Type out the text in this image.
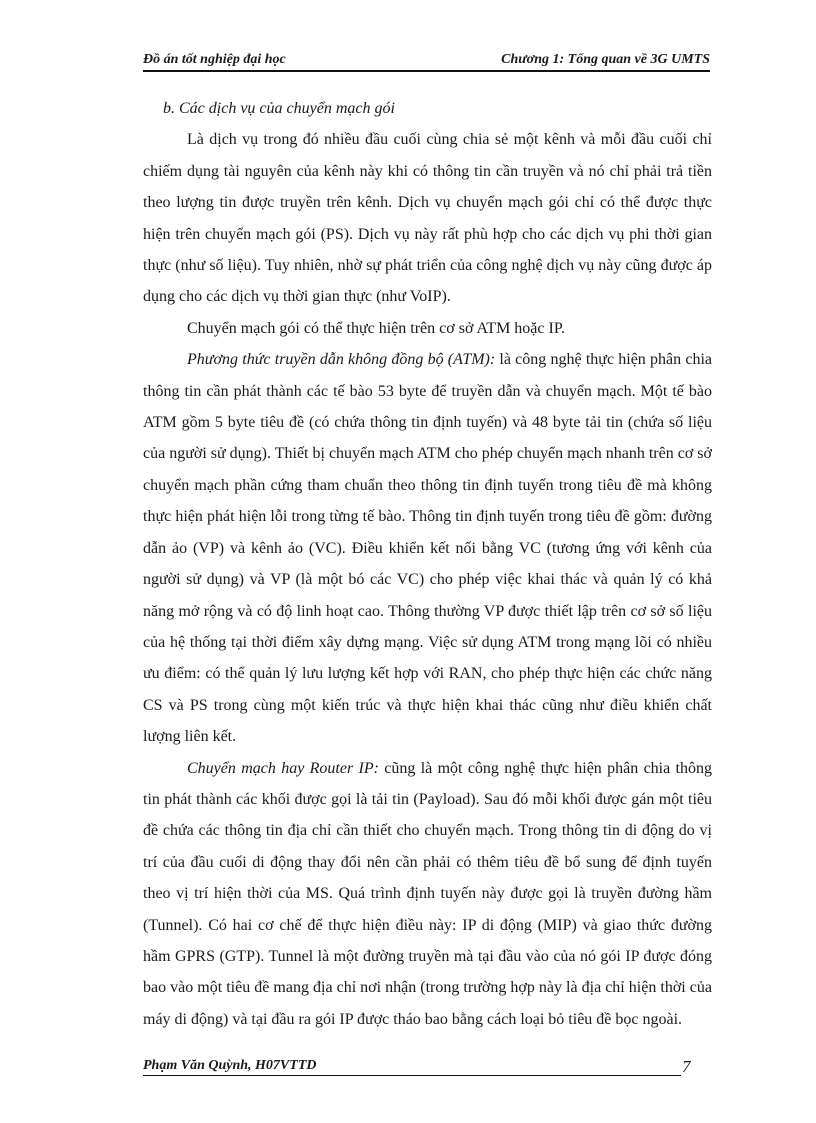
Đồ án tốt nghiệp đại học	Chương 1: Tổng quan về 3G UMTS

b. Các dịch vụ của chuyển mạch gói

Là dịch vụ trong đó nhiều đầu cuối cùng chia sẻ một kênh và mỗi đầu cuối chỉ chiếm dụng tài nguyên của kênh này khi có thông tin cần truyền và nó chỉ phải trả tiền theo lượng tin được truyền trên kênh. Dịch vụ chuyển mạch gói chỉ có thể được thực hiện trên chuyển mạch gói (PS). Dịch vụ này rất phù hợp cho các dịch vụ phi thời gian thực (như số liệu). Tuy nhiên, nhờ sự phát triển của công nghệ dịch vụ này cũng được áp dụng cho các dịch vụ thời gian thực (như VoIP).

Chuyển mạch gói có thể thực hiện trên cơ sở ATM hoặc IP.

Phương thức truyền dẫn không đồng bộ (ATM): là công nghệ thực hiện phân chia thông tin cần phát thành các tế bào 53 byte để truyền dẫn và chuyển mạch. Một tế bào ATM gồm 5 byte tiêu đề (có chứa thông tin định tuyến) và 48 byte tải tin (chứa số liệu của người sử dụng). Thiết bị chuyển mạch ATM cho phép chuyển mạch nhanh trên cơ sở chuyển mạch phần cứng tham chuẩn theo thông tin định tuyến trong tiêu đề mà không thực hiện phát hiện lỗi trong từng tế bào. Thông tin định tuyến trong tiêu đề gồm: đường dẫn ảo (VP) và kênh ảo (VC). Điều khiển kết nối bằng VC (tương ứng với kênh của người sử dụng) và VP (là một bó các VC) cho phép việc khai thác và quản lý có khả năng mở rộng và có độ linh hoạt cao. Thông thường VP được thiết lập trên cơ sở số liệu của hệ thống tại thời điểm xây dựng mạng. Việc sử dụng ATM trong mạng lõi có nhiều ưu điểm: có thể quản lý lưu lượng kết hợp với RAN, cho phép thực hiện các chức năng CS và PS trong cùng một kiến trúc và thực hiện khai thác cũng như điều khiển chất lượng liên kết.

Chuyển mạch hay Router IP: cũng là một công nghệ thực hiện phân chia thông tin phát thành các khối được gọi là tải tin (Payload). Sau đó mỗi khối được gán một tiêu đề chứa các thông tin địa chỉ cần thiết cho chuyển mạch. Trong thông tin di động do vị trí của đầu cuối di động thay đổi nên cần phải có thêm tiêu đề bổ sung để định tuyến theo vị trí hiện thời của MS. Quá trình định tuyến này được gọi là truyền đường hầm (Tunnel). Có hai cơ chế để thực hiện điều này: IP di động (MIP) và giao thức đường hầm GPRS (GTP). Tunnel là một đường truyền mà tại đầu vào của nó gói IP được đóng bao vào một tiêu đề mang địa chỉ nơi nhận (trong trường hợp này là địa chỉ hiện thời của máy di động) và tại đầu ra gói IP được tháo bao bằng cách loại bỏ tiêu đề bọc ngoài.

Phạm Văn Quỳnh, H07VTTD	7
